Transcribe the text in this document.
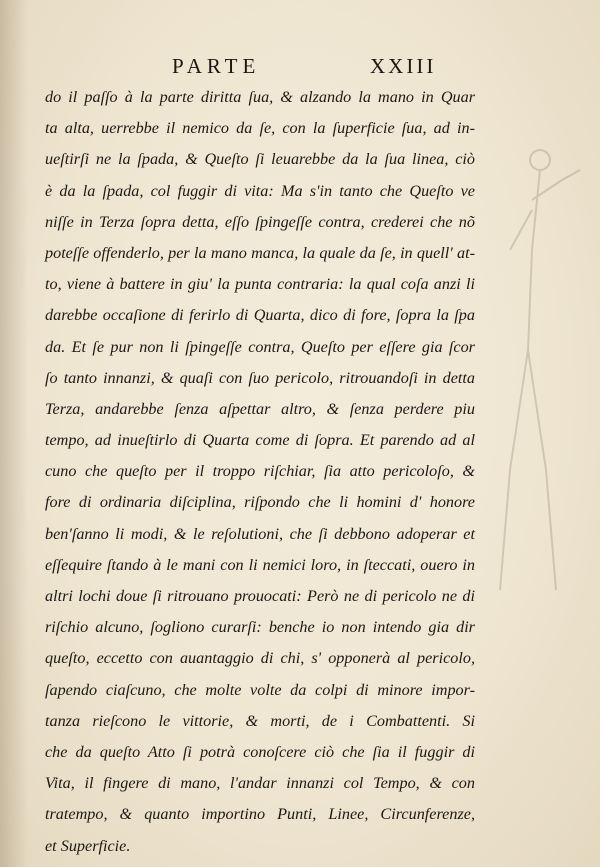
PARTE	XXIII
do il paſſo à la parte diritta ſua, & alzando la mano in Quar
ta alta, uerrebbe il nemico da ſe, con la ſuperficie ſua, ad in-
ueſtirſi ne la ſpada, & Queſto ſi leuarebbe da la ſua linea, ciò
è da la ſpada, col fuggir di vita: Ma s'in tanto che Queſto ve
niſſe in Terza ſopra detta, eſſo ſpingeſſe contra, crederei che nõ
poteſſe offenderlo, per la mano manca, la quale da ſe, in quell' at-
to, viene à battere in giu' la punta contraria: la qual coſa anzi li
darebbe occaſione di ferirlo di Quarta, dico di fore, ſopra la ſpa
da. Et ſe pur non li ſpingeſſe contra, Queſto per eſſere gia ſcor
ſo tanto innanzi, & quaſi con ſuo pericolo, ritrouandoſi in detta
Terza, andarebbe ſenza aſpettar altro, & ſenza perdere piu
tempo, ad inueſtirlo di Quarta come di ſopra. Et parendo ad al
cuno che queſto per il troppo riſchiar, ſia atto pericoloſo, &
fore di ordinaria diſciplina, riſpondo che li homini d' honore
ben'ſanno li modi, & le reſolutioni, che ſi debbono adoperar et
eſſequire ſtando à le mani con li nemici loro, in ſteccati, ouero in
altri lochi doue ſi ritrouano prouocati: Però ne di pericolo ne di
riſchio alcuno, ſogliono curarſi: benche io non intendo gia dir
queſto, eccetto con auantaggio di chi, s' opponerà al pericolo,
ſapendo ciaſcuno, che molte volte da colpi di minore impor-
tanza rieſcono le vittorie, & morti, de i Combattenti. Si
che da queſto Atto ſi potrà conoſcere ciò che ſia il fuggir di
Vita, il fingere di mano, l'andar innanzi col Tempo, & con
tratempo, & quanto importino Punti, Linee, Circunferenze,
et Superficie.
